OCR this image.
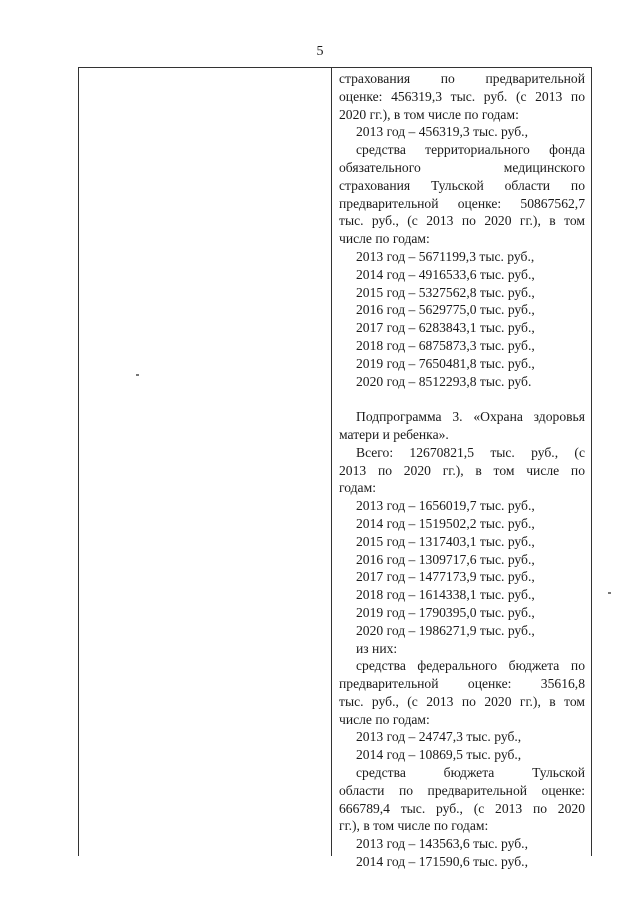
5

страхования по предварительной

оценке: 456319,3 тыс. руб. (с 2013 по

2020 гг.), в том числе по годам:

2013 год – 456319,3 тыс. руб.,

средства территориального фонда

обязательного медицинского

страхования Тульской области по

предварительной оценке: 50867562,7

тыс. руб., (с 2013 по 2020 гг.), в том

числе по годам:

2013 год – 5671199,3 тыс. руб.,

2014 год – 4916533,6 тыс. руб.,

2015 год – 5327562,8 тыс. руб.,

2016 год – 5629775,0 тыс. руб.,

2017 год – 6283843,1 тыс. руб.,

2018 год – 6875873,3 тыс. руб.,

2019 год – 7650481,8 тыс. руб.,

2020 год – 8512293,8 тыс. руб.

Подпрограмма 3. «Охрана здоровья

матери и ребенка».

Всего: 12670821,5 тыс. руб., (с

2013 по 2020 гг.), в том числе по

годам:

2013 год – 1656019,7 тыс. руб.,

2014 год – 1519502,2 тыс. руб.,

2015 год – 1317403,1 тыс. руб.,

2016 год – 1309717,6 тыс. руб.,

2017 год – 1477173,9 тыс. руб.,

2018 год – 1614338,1 тыс. руб.,

2019 год – 1790395,0 тыс. руб.,

2020 год – 1986271,9 тыс. руб.,

из них:

средства федерального бюджета по

предварительной оценке: 35616,8

тыс. руб., (с 2013 по 2020 гг.), в том

числе по годам:

2013 год – 24747,3 тыс. руб.,

2014 год – 10869,5 тыс. руб.,

средства бюджета Тульской

области по предварительной оценке:

666789,4 тыс. руб., (с 2013 по 2020

гг.), в том числе по годам:

2013 год – 143563,6 тыс. руб.,

2014 год – 171590,6 тыс. руб.,
